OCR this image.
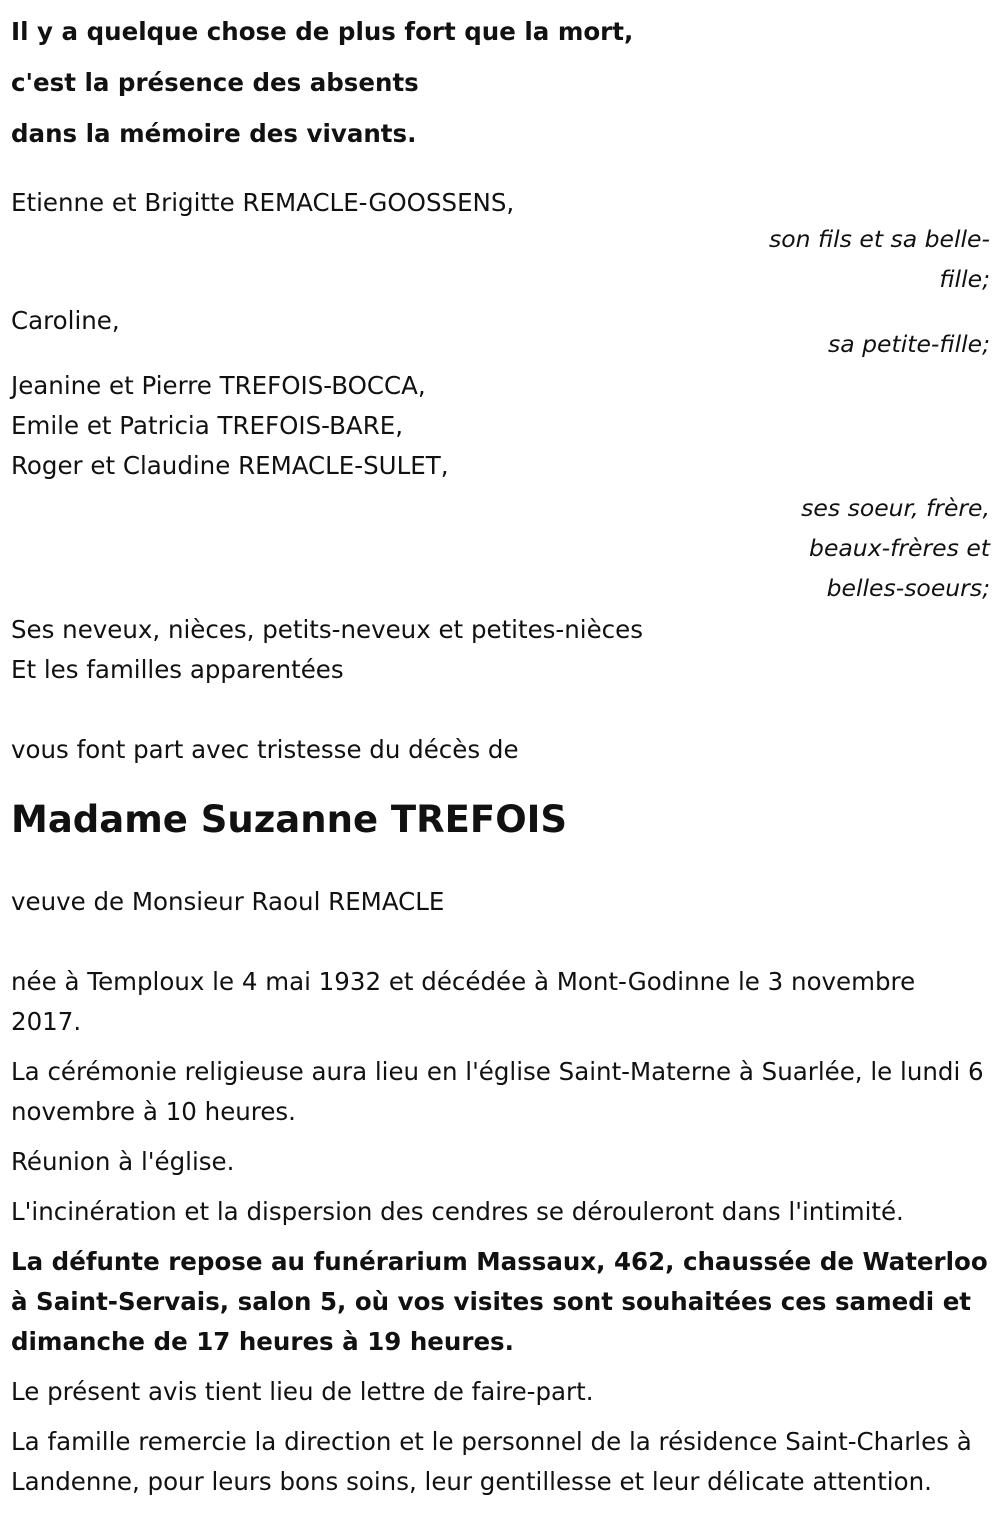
Il y a quelque chose de plus fort que la mort,

c'est la présence des absents

dans la mémoire des vivants.

Etienne et Brigitte REMACLE-GOOSSENS,

son fils et sa belle-
fille;

Caroline,

sa petite-fille;

Jeanine et Pierre TREFOIS-BOCCA,

Emile et Patricia TREFOIS-BARE,

Roger et Claudine REMACLE-SULET,

ses soeur, frère,
beaux-frères et
belles-soeurs;

Ses neveux, nièces, petits-neveux et petites-nièces

Et les familles apparentées

vous font part avec tristesse du décès de

Madame Suzanne TREFOIS

veuve de Monsieur Raoul REMACLE

née à Temploux le 4 mai 1932 et décédée à Mont-Godinne le 3 novembre 2017.

La cérémonie religieuse aura lieu en l'église Saint-Materne à Suarlée, le lundi 6 novembre à 10 heures.

Réunion à l'église.

L'incinération et la dispersion des cendres se dérouleront dans l'intimité.

La défunte repose au funérarium Massaux, 462, chaussée de Waterloo à Saint-Servais, salon 5, où vos visites sont souhaitées ces samedi et dimanche de 17 heures à 19 heures.

Le présent avis tient lieu de lettre de faire-part.

La famille remercie la direction et le personnel de la résidence Saint-Charles à Landenne, pour leurs bons soins, leur gentillesse et leur délicate attention.
